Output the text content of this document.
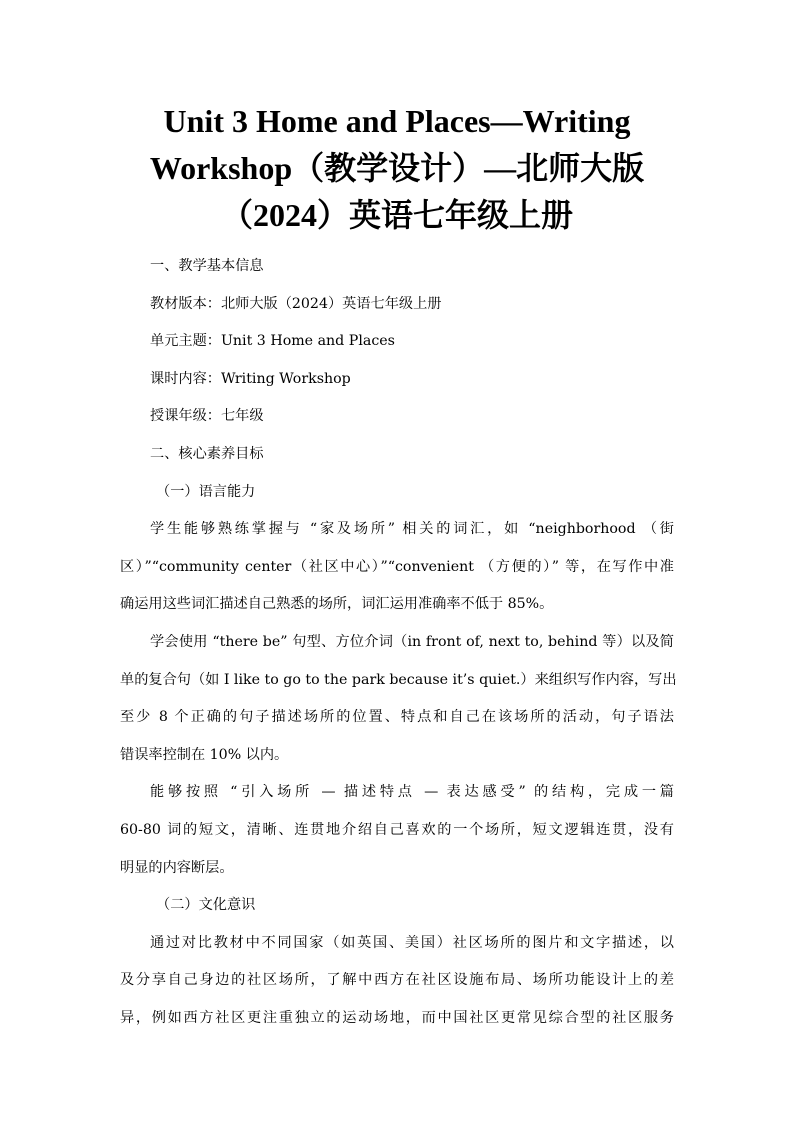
Unit 3 Home and Places—Writing
Workshop（教学设计）—北师大版
（2024）英语七年级上册

一、教学基本信息

教材版本：北师大版（2024）英语七年级上册

单元主题：Unit 3 Home and Places

课时内容：Writing Workshop

授课年级：七年级

二、核心素养目标

（一）语言能力

学生能够熟练掌握与 “家及场所” 相关的词汇，如 “neighborhood （街
区）”“community center（社区中心）”“convenient （方便的）” 等，在写作中准
确运用这些词汇描述自己熟悉的场所，词汇运用准确率不低于 85%。
学会使用 “there be” 句型、方位介词（in front of, next to, behind 等）以及简
单的复合句（如 I like to go to the park because it’s quiet.）来组织写作内容，写出
至少 8 个正确的句子描述场所的位置、特点和自己在该场所的活动，句子语法
错误率控制在 10% 以内。
能够按照 “引入场所 — 描述特点 — 表达感受” 的结构，完成一篇
60-80 词的短文，清晰、连贯地介绍自己喜欢的一个场所，短文逻辑连贯，没有
明显的内容断层。

（二）文化意识

通过对比教材中不同国家（如英国、美国）社区场所的图片和文字描述，以
及分享自己身边的社区场所，了解中西方在社区设施布局、场所功能设计上的差
异，例如西方社区更注重独立的运动场地，而中国社区更常见综合型的社区服务
